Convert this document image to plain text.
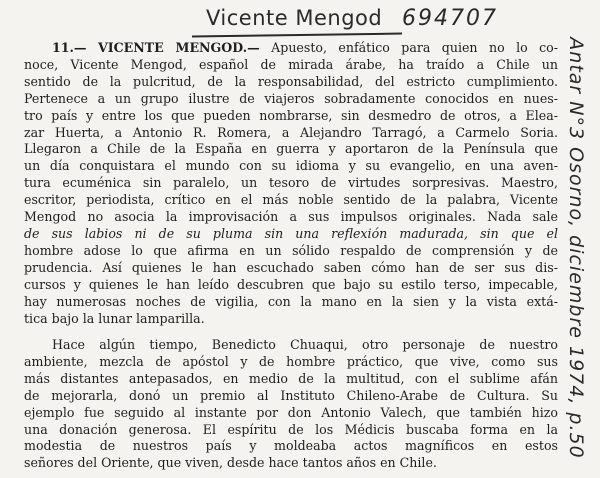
Vicente Mengod 694707
Antar N°3 Osorno, diciembre 1974, p.50
11.— VICENTE MENGOD.— Apuesto, enfático para quien no lo co-
noce, Vicente Mengod, español de mirada árabe, ha traído a Chile un
sentido de la pulcritud, de la responsabilidad, del estricto cumplimiento.
Pertenece a un grupo ilustre de viajeros sobradamente conocidos en nues-
tro país y entre los que pueden nombrarse, sin desmedro de otros, a Elea-
zar Huerta, a Antonio R. Romera, a Alejandro Tarragó, a Carmelo Soria.
Llegaron a Chile de la España en guerra y aportaron de la Península que
un día conquistara el mundo con su idioma y su evangelio, en una aven-
tura ecuménica sin paralelo, un tesoro de virtudes sorpresivas. Maestro,
escritor, periodista, crítico en el más noble sentido de la palabra, Vicente
Mengod no asocia la improvisación a sus impulsos originales. Nada sale
de sus labios ni de su pluma sin una reflexión madurada, sin que el
hombre adose lo que afirma en un sólido respaldo de comprensión y de
prudencia. Así quienes le han escuchado saben cómo han de ser sus dis-
cursos y quienes le han leído descubren que bajo su estilo terso, impecable,
hay numerosas noches de vigilia, con la mano en la sien y la vista extá-
tica bajo la lunar lamparilla.
Hace algún tiempo, Benedicto Chuaqui, otro personaje de nuestro
ambiente, mezcla de apóstol y de hombre práctico, que vive, como sus
más distantes antepasados, en medio de la multitud, con el sublime afán
de mejorarla, donó un premio al Instituto Chileno-Arabe de Cultura. Su
ejemplo fue seguido al instante por don Antonio Valech, que también hizo
una donación generosa. El espíritu de los Médicis buscaba forma en la
modestia de nuestros país y moldeaba actos magníficos en estos
señores del Oriente, que viven, desde hace tantos años en Chile.
